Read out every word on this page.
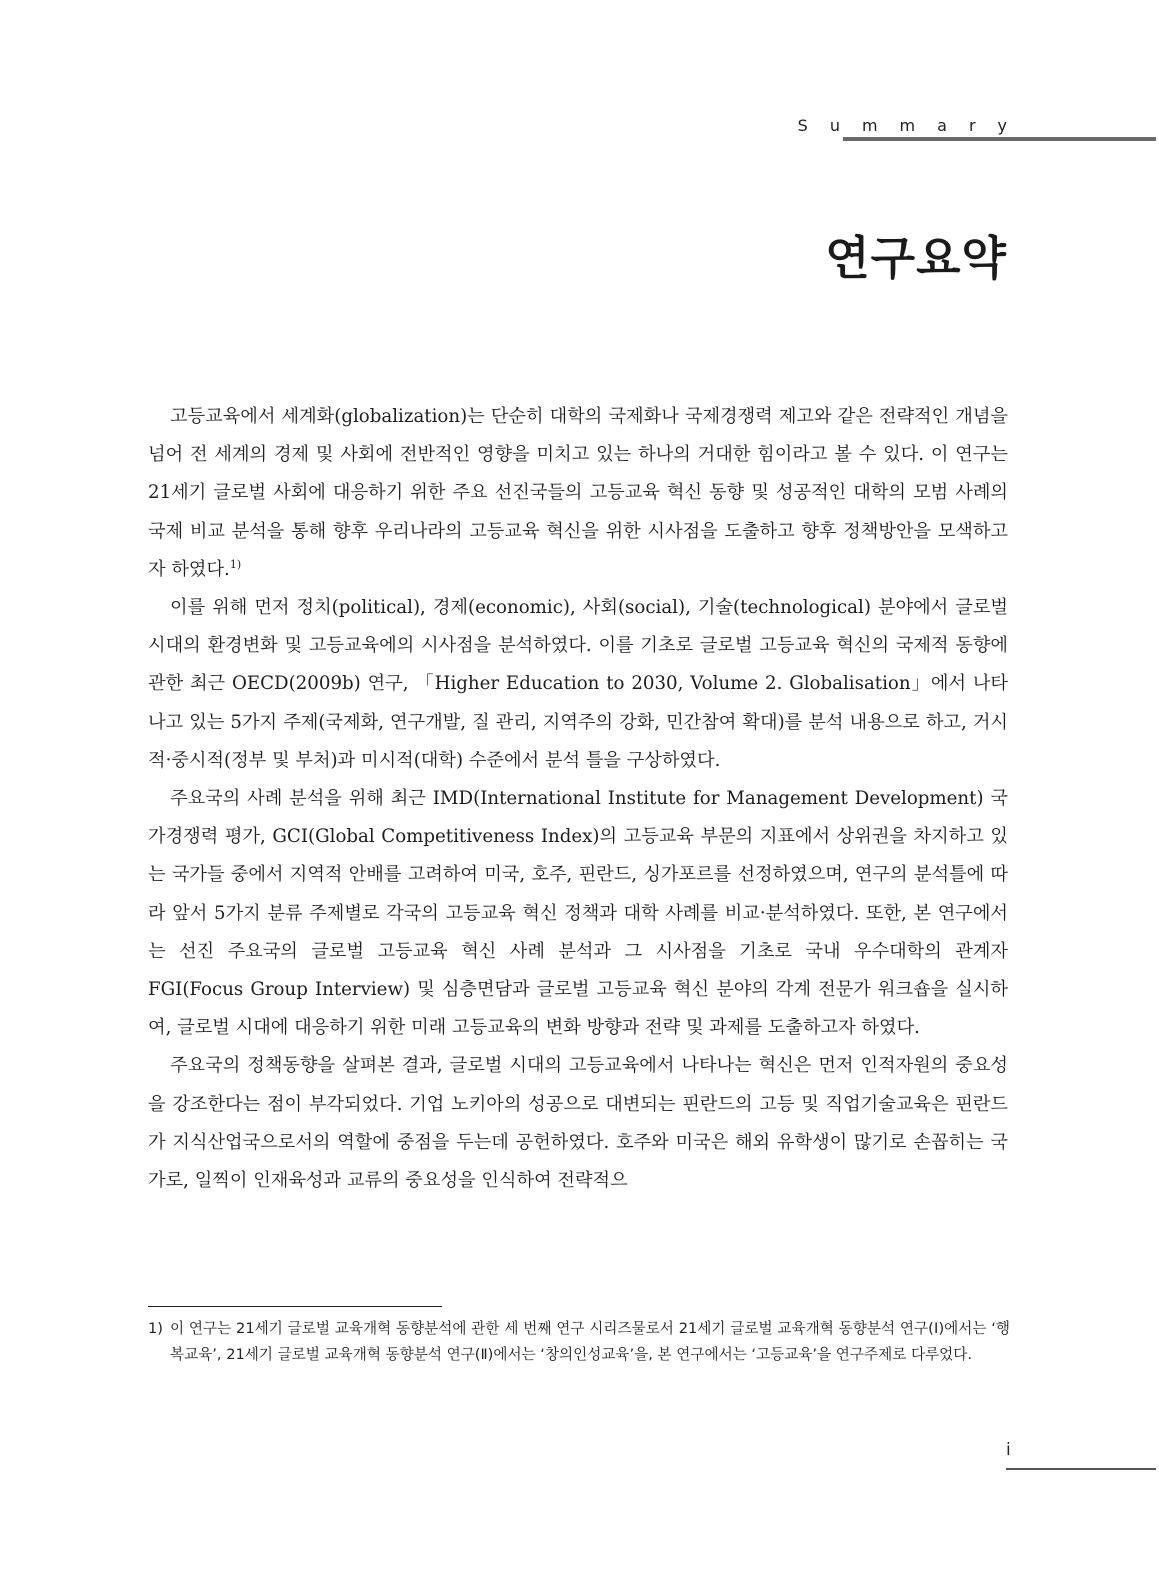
Summary
연구요약

고등교육에서 세계화(globalization)는 단순히 대학의 국제화나 국제경쟁력 제고와 같은 전략적인 개념을 넘어 전 세계의 경제 및 사회에 전반적인 영향을 미치고 있는 하나의 거대한 힘이라고 볼 수 있다. 이 연구는 21세기 글로벌 사회에 대응하기 위한 주요 선진국들의 고등교육 혁신 동향 및 성공적인 대학의 모범 사례의 국제 비교 분석을 통해 향후 우리나라의 고등교육 혁신을 위한 시사점을 도출하고 향후 정책방안을 모색하고자 하였다.$^{1)}$

이를 위해 먼저 정치(political), 경제(economic), 사회(social), 기술(technological) 분야에서 글로벌 시대의 환경변화 및 고등교육에의 시사점을 분석하였다. 이를 기초로 글로벌 고등교육 혁신의 국제적 동향에 관한 최근 OECD(2009b) 연구, 「Higher Education to 2030, Volume 2. Globalisation」에서 나타나고 있는 5가지 주제(국제화, 연구개발, 질 관리, 지역주의 강화, 민간참여 확대)를 분석 내용으로 하고, 거시적·중시적(정부 및 부처)과 미시적(대학) 수준에서 분석 틀을 구상하였다.

주요국의 사례 분석을 위해 최근 IMD(International Institute for Management Development) 국가경쟁력 평가, GCI(Global Competitiveness Index)의 고등교육 부문의 지표에서 상위권을 차지하고 있는 국가들 중에서 지역적 안배를 고려하여 미국, 호주, 핀란드, 싱가포르를 선정하였으며, 연구의 분석틀에 따라 앞서 5가지 분류 주제별로 각국의 고등교육 혁신 정책과 대학 사례를 비교·분석하였다. 또한, 본 연구에서는 선진 주요국의 글로벌 고등교육 혁신 사례 분석과 그 시사점을 기초로 국내 우수대학의 관계자 FGI(Focus Group Interview) 및 심층면담과 글로벌 고등교육 혁신 분야의 각계 전문가 워크숍을 실시하여, 글로벌 시대에 대응하기 위한 미래 고등교육의 변화 방향과 전략 및 과제를 도출하고자 하였다.

주요국의 정책동향을 살펴본 결과, 글로벌 시대의 고등교육에서 나타나는 혁신은 먼저 인적자원의 중요성을 강조한다는 점이 부각되었다. 기업 노키아의 성공으로 대변되는 핀란드의 고등 및 직업기술교육은 핀란드가 지식산업국으로서의 역할에 중점을 두는데 공헌하였다. 호주와 미국은 해외 유학생이 많기로 손꼽히는 국가로, 일찍이 인재육성과 교류의 중요성을 인식하여 전략적으

1) 이 연구는 21세기 글로벌 교육개혁 동향분석에 관한 세 번째 연구 시리즈물로서 21세기 글로벌 교육개혁 동향분석 연구(Ⅰ)에서는 ‘행복교육’, 21세기 글로벌 교육개혁 동향분석 연구(Ⅱ)에서는 ‘창의인성교육’을, 본 연구에서는 ‘고등교육’을 연구주제로 다루었다.
i
